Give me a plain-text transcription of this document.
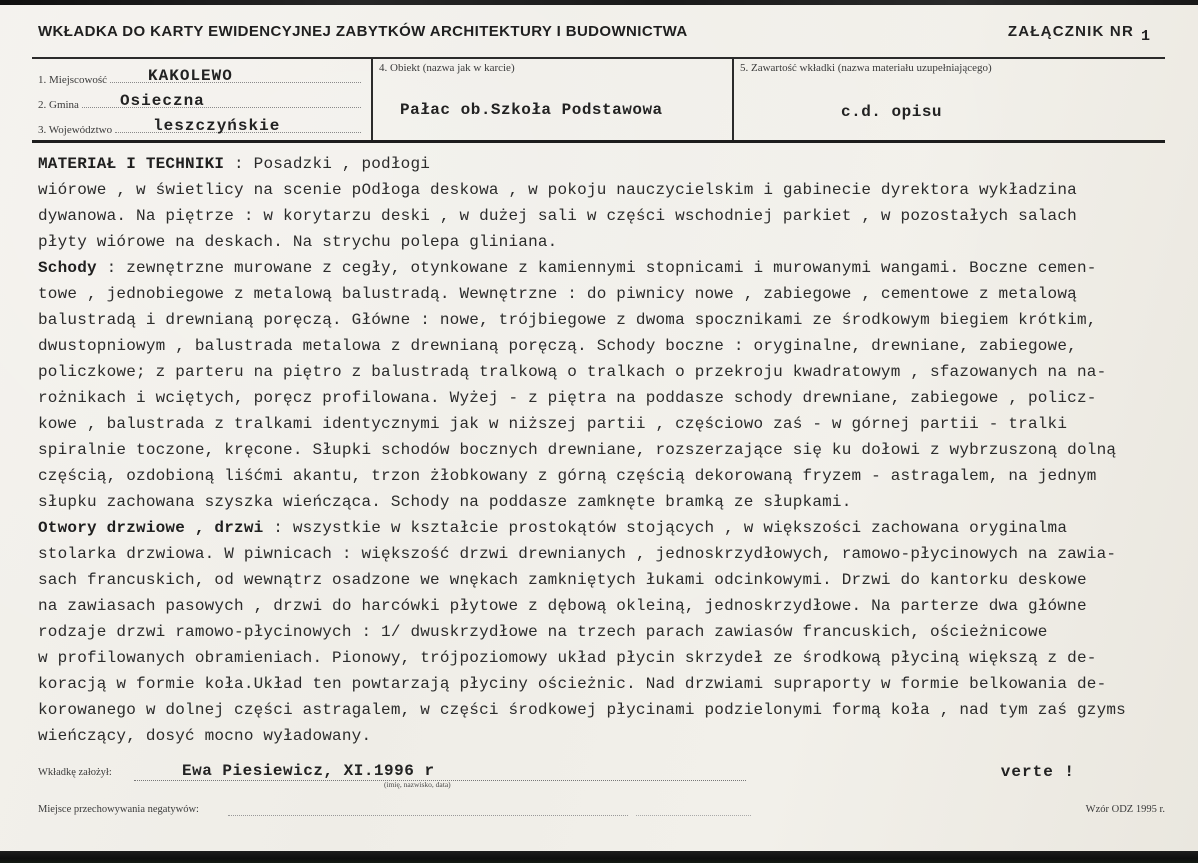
WKŁADKA DO KARTY EWIDENCYJNEJ ZABYTKÓW ARCHITEKTURY I BUDOWNICTWA	ZAŁĄCZNIK NR 1
1. Miejscowość	KAKOLEWO
2. Gmina	Osieczna
3. Województwo	leszczyńskie
4. Obiekt (nazwa jak w karcie)
Pałac ob.Szkoła Podstawowa
5. Zawartość wkładki (nazwa materiału uzupełniającego)
c.d. opisu
MATERIAŁ I TECHNIKI : Posadzki , podłogi
wiórowe , w świetlicy na scenie pOdłoga deskowa , w pokoju nauczycielskim i gabinecie dyrektora wykładzina
dywanowa. Na piętrze : w korytarzu deski , w dużej sali w części wschodniej parkiet , w pozostałych salach
płyty wiórowe na deskach. Na strychu polepa gliniana.
Schody : zewnętrzne murowane z cegły, otynkowane z kamiennymi stopnicami i murowanymi wangami. Boczne cemen-
towe , jednobiegowe z metalową balustradą. Wewnętrzne : do piwnicy nowe , zabiegowe , cementowe z metalową
balustradą i drewnianą poręczą. Główne : nowe, trójbiegowe z dwoma spocznikami ze środkowym biegiem krótkim,
dwustopniowym , balustrada metalowa z drewnianą poręczą. Schody boczne : oryginalne, drewniane, zabiegowe,
policzkowe; z parteru na piętro z balustradą tralkową o tralkach o przekroju kwadratowym , sfazowanych na na-
rożnikach i wciętych, poręcz profilowana. Wyżej - z piętra na poddasze schody drewniane, zabiegowe , policz-
kowe , balustrada z tralkami identycznymi jak w niższej partii , częściowo zaś - w górnej partii - tralki
spiralnie toczone, kręcone. Słupki schodów bocznych drewniane, rozszerzające się ku dołowi z wybrzuszoną dolną
częścią, ozdobioną liśćmi akantu, trzon żłobkowany z górną częścią dekorowaną fryzem - astragalem, na jednym
słupku zachowana szyszka wieńcząca. Schody na poddasze zamknęte bramką ze słupkami.
Otwory drzwiowe , drzwi : wszystkie w kształcie prostokątów stojących , w większości zachowana oryginalma
stolarka drzwiowa. W piwnicach : większość drzwi drewnianych , jednoskrzydłowych, ramowo-płycinowych na zawia-
sach francuskich, od wewnątrz osadzone we wnękach zamkniętych łukami odcinkowymi. Drzwi do kantorku deskowe
na zawiasach pasowych , drzwi do harcówki płytowe z dębową okleiną, jednoskrzydłowe. Na parterze dwa główne
rodzaje drzwi ramowo-płycinowych : 1/ dwuskrzydłowe na trzech parach zawiasów francuskich, ościeżnicowe
w profilowanych obramieniach. Pionowy, trójpoziomowy układ płycin skrzydeł ze środkową płyciną większą z de-
koracją w formie koła.Układ ten powtarzają płyciny ościeżnic. Nad drzwiami supraporty w formie belkowania de-
korowanego w dolnej części astragalem, w części środkowej płycinami podzielonymi formą koła , nad tym zaś gzyms
wieńczący, dosyć mocno wyładowany.
Wkładkę założył:	Ewa Piesiewicz, XI.1996 r
(imię, nazwisko, data)
verte !
Miejsce przechowywania negatywów:	Wzór ODZ 1995 r.
